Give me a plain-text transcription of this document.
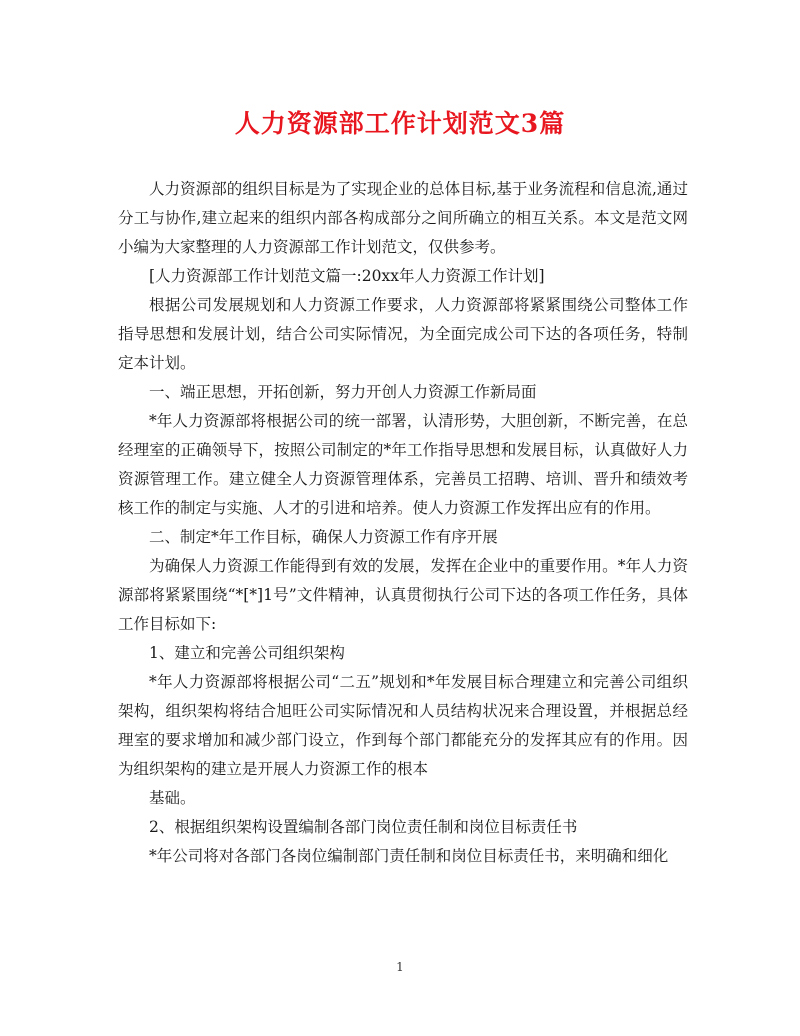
人力资源部工作计划范文3篇

人力资源部的组织目标是为了实现企业的总体目标,基于业务流程和信息流,通过分工与协作,建立起来的组织内部各构成部分之间所确立的相互关系。本文是范文网小编为大家整理的人力资源部工作计划范文，仅供参考。

[人力资源部工作计划范文篇一:20xx年人力资源工作计划]

根据公司发展规划和人力资源工作要求，人力资源部将紧紧围绕公司整体工作指导思想和发展计划，结合公司实际情况，为全面完成公司下达的各项任务，特制定本计划。

一、端正思想，开拓创新，努力开创人力资源工作新局面

*年人力资源部将根据公司的统一部署，认清形势，大胆创新，不断完善，在总经理室的正确领导下，按照公司制定的*年工作指导思想和发展目标，认真做好人力资源管理工作。建立健全人力资源管理体系，完善员工招聘、培训、晋升和绩效考核工作的制定与实施、人才的引进和培养。使人力资源工作发挥出应有的作用。

二、制定*年工作目标，确保人力资源工作有序开展

为确保人力资源工作能得到有效的发展，发挥在企业中的重要作用。*年人力资源部将紧紧围绕“*[*]1号”文件精神，认真贯彻执行公司下达的各项工作任务，具体工作目标如下:

1、建立和完善公司组织架构

*年人力资源部将根据公司“二五”规划和*年发展目标合理建立和完善公司组织架构，组织架构将结合旭旺公司实际情况和人员结构状况来合理设置，并根据总经理室的要求增加和减少部门设立，作到每个部门都能充分的发挥其应有的作用。因为组织架构的建立是开展人力资源工作的根本

基础。

2、根据组织架构设置编制各部门岗位责任制和岗位目标责任书

*年公司将对各部门各岗位编制部门责任制和岗位目标责任书，来明确和细化

1
